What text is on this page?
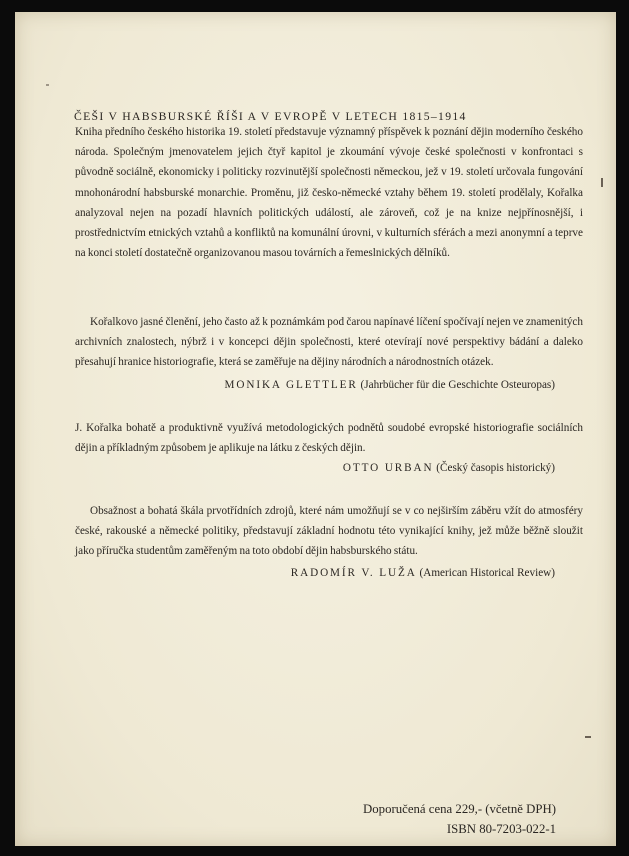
ČEŠI V HABSBURSKÉ ŘÍŠI A V EVROPĚ V LETECH 1815–1914

Kniha předního českého historika 19. století představuje významný příspěvek k poznání dějin moderního českého národa. Společným jmenovatelem jejich čtyř kapitol je zkoumání vývoje české společnosti v konfrontaci s původně sociálně, ekonomicky i politicky rozvinutější společnosti německou, jež v 19. století určovala fungování mnohonárodní habsburské monarchie. Proměnu, již česko-německé vztahy během 19. století prodělaly, Kořalka analyzoval nejen na pozadí hlavních politických událostí, ale zároveň, což je na knize nejpřínosnější, i prostřednictvím etnických vztahů a konfliktů na komunální úrovni, v kulturních sférách a mezi anonymní a teprve na konci století dostatečně organizovanou masou továrních a řemeslnických dělníků.

Kořalkovo jasné členění, jeho často až k poznámkám pod čarou napínavé líčení spočívají nejen ve znamenitých archivních znalostech, nýbrž i v koncepci dějin společnosti, které otevírají nové perspektivy bádání a daleko přesahují hranice historiografie, která se zaměřuje na dějiny národních a národnostních otázek.

MONIKA GLETTLER (Jahrbücher für die Geschichte Osteuropas)

J. Kořalka bohatě a produktivně využívá metodologických podnětů soudobé evropské historiografie sociálních dějin a příkladným způsobem je aplikuje na látku z českých dějin.

OTTO URBAN (Český časopis historický)

Obsažnost a bohatá škála prvotřídních zdrojů, které nám umožňují se v co nejširším záběru vžít do atmosféry české, rakouské a německé politiky, představují základní hodnotu této vynikající knihy, jež může běžně sloužit jako příručka studentům zaměřeným na toto období dějin habsburského státu.

RADOMÍR V. LUŽA (American Historical Review)
Doporučená cena 229,- (včetně DPH)
ISBN 80-7203-022-1
